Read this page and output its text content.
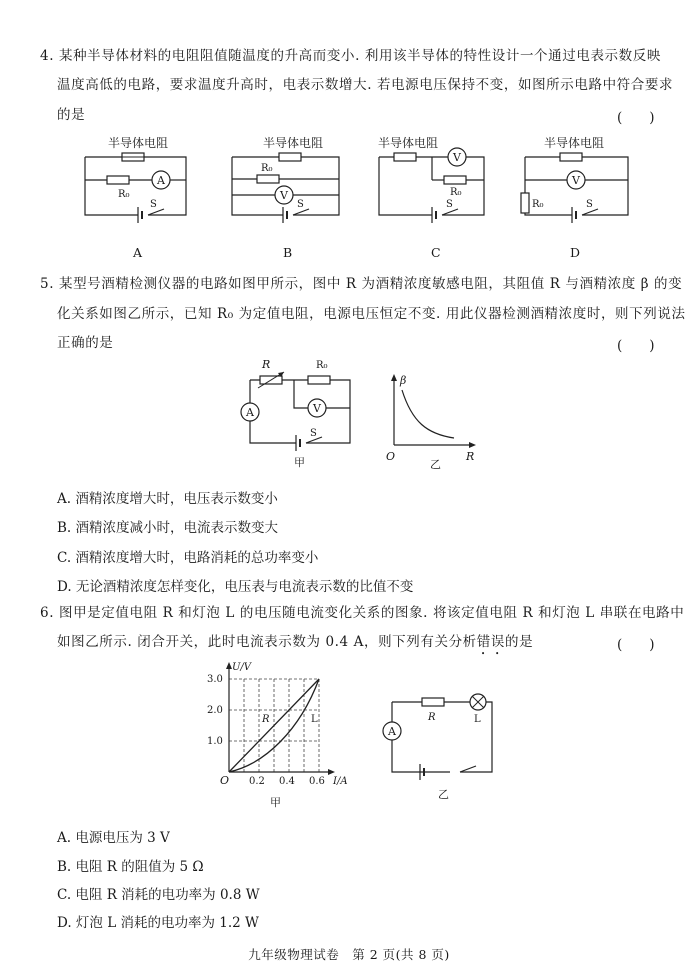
4. 某种半导体材料的电阻阻值随温度的升高而变小. 利用该半导体的特性设计一个通过电表示数反映
温度高低的电路，要求温度升高时，电表示数增大. 若电源电压保持不变，如图所示电路中符合要求
的是	(　　)
半导体电阻
A
R₀
S
A
半导体电阻
R₀
V
S
B
半导体电阻
V
R₀
S
C
半导体电阻
V
R₀	S
D
5. 某型号酒精检测仪器的电路如图甲所示，图中 R 为酒精浓度敏感电阻，其阻值 R 与酒精浓度 β 的变
化关系如图乙所示，已知 R₀ 为定值电阻，电源电压恒定不变. 用此仪器检测酒精浓度时，则下列说法
正确的是	(　　)
R	R₀
A	V
S
甲
β
R
O
乙
A. 酒精浓度增大时，电压表示数变小
B. 酒精浓度减小时，电流表示数变大
C. 酒精浓度增大时，电路消耗的总功率变小
D. 无论酒精浓度怎样变化，电压表与电流表示数的比值不变
6. 图甲是定值电阻 R 和灯泡 L 的电压随电流变化关系的图象. 将该定值电阻 R 和灯泡 L 串联在电路中
如图乙所示. 闭合开关，此时电流表示数为 0.4 A，则下列有关分析错误的是	(　　)
U/V
I/A
O
1.0
2.0
3.0
0.2 0.4 0.6
R	L
甲
R	L
A
乙
A. 电源电压为 3 V
B. 电阻 R 的阻值为 5 Ω
C. 电阻 R 消耗的电功率为 0.8 W
D. 灯泡 L 消耗的电功率为 1.2 W
九年级物理试卷　第 2 页(共 8 页)
